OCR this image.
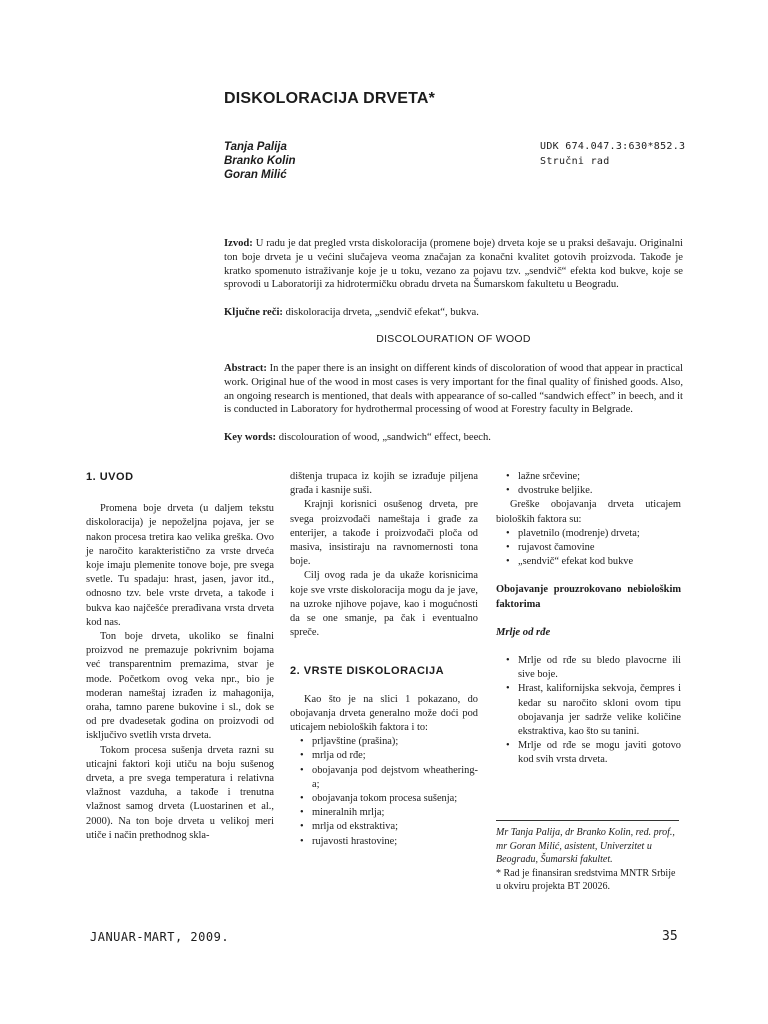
DISKOLORACIJA DRVETA*
Tanja Palija
Branko Kolin
Goran Milić
UDK 674.047.3:630*852.3
Stručni rad
Izvod: U radu je dat pregled vrsta diskoloracija (promene boje) drveta koje se u praksi dešavaju. Originalni ton boje drveta je u većini slučajeva veoma značajan za konačni kvalitet gotovih proizvoda. Takođe je kratko spomenuto istraživanje koje je u toku, vezano za pojavu tzv. „sendvič“ efekta kod bukve, koje se sprovodi u Laboratoriji za hidrotermičku obradu drveta na Šumarskom fakultetu u Beogradu.
Ključne reči: diskoloracija drveta, „sendvič efekat“, bukva.
DISCOLOURATION OF WOOD
Abstract: In the paper there is an insight on different kinds of discoloration of wood that appear in practical work. Original hue of the wood in most cases is very important for the final quality of finished goods. Also, an ongoing research is mentioned, that deals with appearance of so-called “sandwich effect” in beech, and it is conducted in Laboratory for hydrothermal processing of wood at Forestry faculty in Belgrade.
Key words: discolouration of wood, „sandwich“ effect, beech.
1. UVOD

Promena boje drveta (u daljem tekstu diskoloracija) je nepoželjna pojava, jer se nakon procesa tretira kao velika greška. Ovo je naročito karakteristično za vrste drveća koje imaju plemenite tonove boje, pre svega svetle. Tu spadaju: hrast, jasen, javor itd., odnosno tzv. bele vrste drveta, a takođe i bukva kao najčešće prerađivana vrsta drveta kod nas.

Ton boje drveta, ukoliko se finalni proizvod ne premazuje pokrivnim bojama već transparentnim premazima, stvar je mode. Početkom ovog veka npr., bio je moderan nameštaj izrađen iz mahagonija, oraha, tamno parene bukovine i sl., dok se od pre dvadesetak godina on proizvodi od isključivo svetlih vrsta drveta.

Tokom procesa sušenja drveta razni su uticajni faktori koji utiču na boju sušenog drveta, a pre svega temperatura i relativna vlažnost vazduha, a takođe i trenutna vlažnost samog drveta (Luostarinen et al., 2000). Na ton boje drveta u velikoj meri utiče i način prethodnog skla-

dištenja trupaca iz kojih se izrađuje piljena građa i kasnije suši.

Krajnji korisnici osušenog drveta, pre svega proizvođači nameštaja i građe za enterijer, a takođe i proizvođači ploča od masiva, insistiraju na ravnomernosti tona boje.

Cilj ovog rada je da ukaže korisnicima koje sve vrste diskoloracija mogu da je jave, na uzroke njihove pojave, kao i mogućnosti da se one smanje, pa čak i eventualno spreče.

2. VRSTE DISKOLORACIJA

Kao što je na slici 1 pokazano, do obojavanja drveta generalno može doći pod uticajem nebioloških faktora i to:

• prljavštine (prašina);
• mrlja od rđe;
• obojavanja pod dejstvom wheathering-a;
• obojavanja tokom procesa sušenja;
• mineralnih mrlja;
• mrlja od ekstraktiva;
• rujavosti hrastovine;
• lažne srčevine;
• dvostruke beljike.

Greške obojavanja drveta uticajem bioloških faktora su:

• plavetnilo (modrenje) drveta;
• rujavost čamovine
• „sendvič“ efekat kod bukve
Obojavanje prouzrokovano nebiološkim faktorima
Mrlje od rđe
• Mrlje od rđe su bledo plavocrne ili sive boje.
• Hrast, kalifornijska sekvoja, čempres i kedar su naročito skloni ovom tipu obojavanja jer sadrže velike količine ekstraktiva, kao što su tanini.
• Mrlje od rđe se mogu javiti gotovo kod svih vrsta drveta.
Mr Tanja Palija, dr Branko Kolin, red. prof., mr Goran Milić, asistent, Univerzitet u Beogradu, Šumarski fakultet.
* Rad je finansiran sredstvima MNTR Srbije u okviru projekta BT 20026.
JANUAR-MART, 2009.	35
